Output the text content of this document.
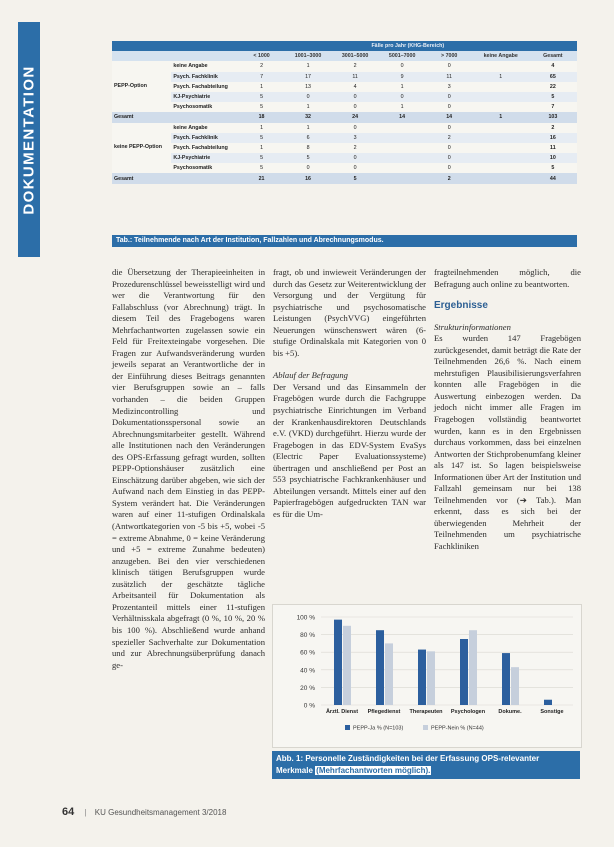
DOKUMENTATION
		Fälle pro Jahr (KHG-Bereich)						
		< 1000	1001–3000	3001–5000	5001–7000	> 7000	keine Angabe	Gesamt
PEPP-Option	keine Angabe	2	1	2	0	0		4
	Psych. Fachklinik	7	17	11	9	11	1	65
	Psych. Fachabteilung	1	13	4	1	3		22
	KJ-Psychiatrie	5	0	0	0	0		5
	Psychosomatik	5	1	0	1	0		7
Gesamt		18	32	24	14	14	1	103
keine PEPP-Option	keine Angabe	1	1	0		0		2
	Psych. Fachklinik	5	6	3		2		16
	Psych. Fachabteilung	1	8	2		0		11
	KJ-Psychiatrie	5	5	0		0		10
	Psychosomatik	5	0	0		0		5
Gesamt		21	16	5		2		44
Tab.: Teilnehmende nach Art der Institution, Fallzahlen und Abrechnungsmodus.

die Übersetzung der Therapieeinheiten in Prozedurenschlüssel beweisstelligt wird und wer die Verantwortung für den Fallabschluss (vor Abrechnung) trägt. In diesem Teil des Fragebogens waren Mehrfachantworten zugelassen sowie ein Feld für Freitexteingabe vorgesehen. Die Fragen zur Aufwandsveränderung wurden jeweils separat an Verantwortliche der in der Einführung dieses Beitrags genannten vier Berufsgruppen sowie an – falls vorhanden – die beiden Gruppen Medizincontrolling und Dokumentationsspersonal sowie an Abrechnungsmitarbeiter gestellt. Während alle Institutionen nach den Veränderungen des OPS-Erfassung gefragt wurden, sollten PEPP-Optionshäuser zusätzlich eine Einschätzung darüber abgeben, wie sich der Aufwand nach dem Einstieg in das PEPP-System verändert hat. Die Veränderungen waren auf einer 11-stufigen Ordinalskala (Antwortkategorien von -5 bis +5, wobei -5 = extreme Abnahme, 0 = keine Veränderung und +5 = extreme Zunahme bedeuten) anzugeben. Bei den vier verschiedenen klinisch tätigen Berufsgruppen wurde zusätzlich der geschätzte tägliche Arbeitsanteil für Dokumentation als Prozentanteil mittels einer 11-stufigen Verhältnisskala abgefragt (0 %, 10 %, 20 % bis 100 %). Abschließend wurde anhand spezieller Sachverhalte zur Dokumentation und zur Abrechnungsüberprüfung danach ge-

fragt, ob und inwieweit Veränderungen der durch das Gesetz zur Weiterentwicklung der Versorgung und der Vergütung für psychiatrische und psychosomatische Leistungen (PsychVVG) eingeführten Neuerungen wünschenswert wären (6-stufige Ordinalskala mit Kategorien von 0 bis +5).

Ablauf der Befragung

Der Versand und das Einsammeln der Fragebögen wurde durch die Fachgruppe psychiatrische Einrichtungen im Verband der Krankenhausdirektoren Deutschlands e.V. (VKD) durchgeführt. Hierzu wurde der Fragebogen in das EDV-System EvaSys (Electric Paper Evaluationssysteme) übertragen und anschließend per Post an 553 psychiatrische Fachkrankenhäuser und Abteilungen versandt. Mittels einer auf den Papierfragebögen aufgedruckten TAN war es für die Um-

fragteilnehmenden möglich, die Befragung auch online zu beantworten.

Ergebnisse

Strukturinformationen

Es wurden 147 Fragebögen zurückgesendet, damit beträgt die Rate der Teilnehmenden 26,6 %. Nach einem mehrstufigen Plausibilisierungsverfahren konnten alle Fragebögen in die Auswertung einbezogen werden. Da jedoch nicht immer alle Fragen im Fragebogen vollständig beantwortet wurden, kann es in den Ergebnissen durchaus vorkommen, dass bei einzelnen Antworten der Stichprobenumfang kleiner als 147 ist. So lagen beispielsweise Informationen über Art der Institution und Fallzahl gemeinsam nur bei 138 Teilnehmenden vor (➔ Tab.). Man erkennt, dass es sich bei der überwiegenden Mehrheit der Teilnehmenden um psychiatrische Fachkliniken

100 %
80 %
60 %
40 %
20 %
0 %
Ärztl. Dienst Pflegedienst Therapeuten Psychologen Dokume.	Sonstige
PEPP-Ja % (N=103)	PEPP-Nein % (N=44)
Abb. 1: Personelle Zuständigkeiten bei der Erfassung OPS-relevanter Merkmale (Mehrfachantworten möglich).
64 | KU Gesundheitsmanagement 3/2018
